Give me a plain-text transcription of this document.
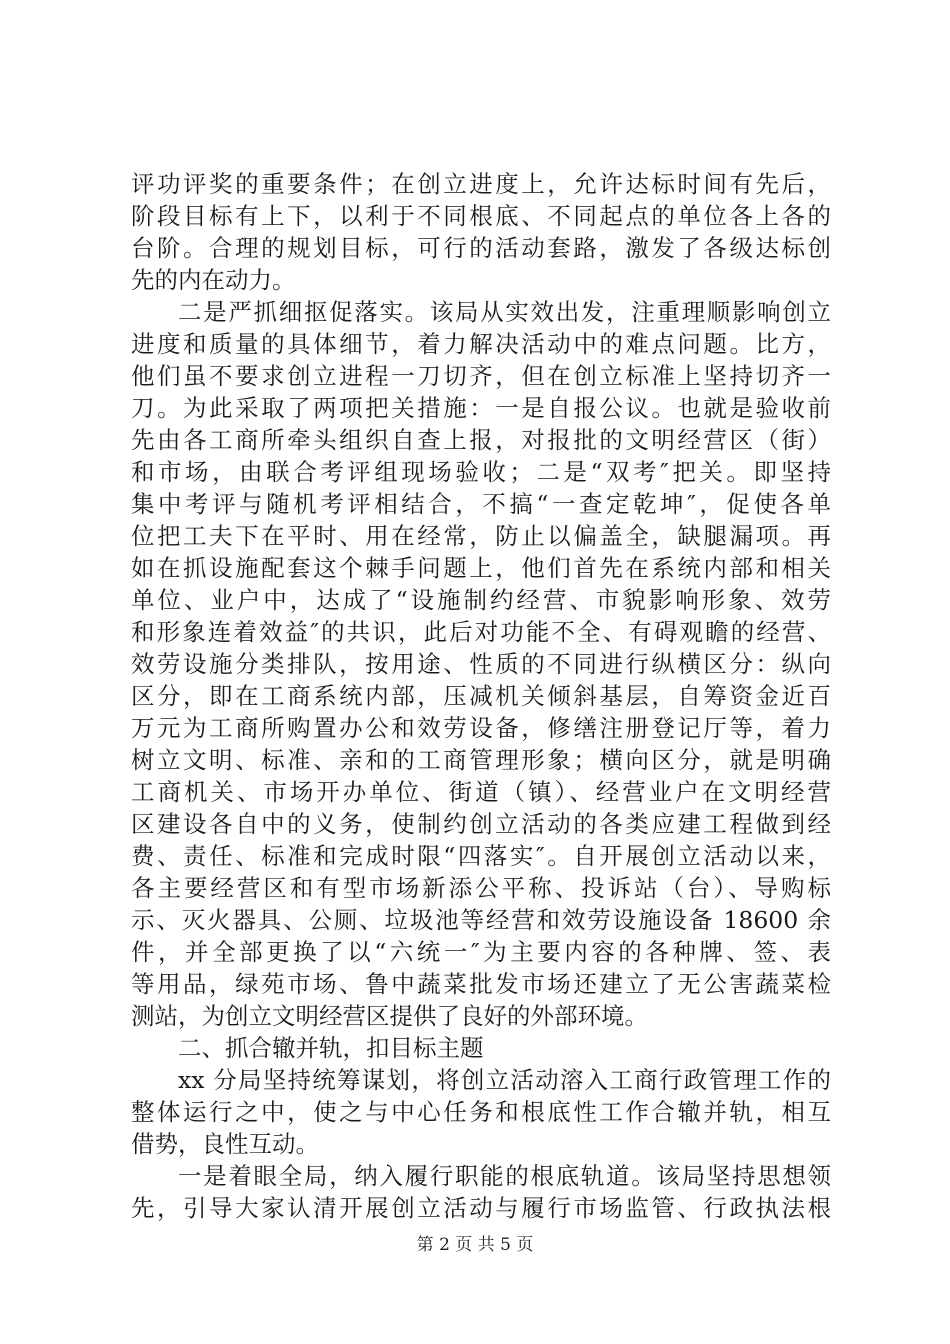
评功评奖的重要条件；在创立进度上，允许达标时间有先后，
阶段目标有上下，以利于不同根底、不同起点的单位各上各的
台阶。合理的规划目标，可行的活动套路，激发了各级达标创
先的内在动力。
二是严抓细抠促落实。该局从实效出发，注重理顺影响创立
进度和质量的具体细节，着力解决活动中的难点问题。比方，
他们虽不要求创立进程一刀切齐，但在创立标准上坚持切齐一
刀。为此采取了两项把关措施：一是自报公议。也就是验收前
先由各工商所牵头组织自查上报，对报批的文明经营区（街）
和市场，由联合考评组现场验收；二是“双考″把关。即坚持
集中考评与随机考评相结合，不搞“一查定乾坤″，促使各单
位把工夫下在平时、用在经常，防止以偏盖全，缺腿漏项。再
如在抓设施配套这个棘手问题上，他们首先在系统内部和相关
单位、业户中，达成了“设施制约经营、市貌影响形象、效劳
和形象连着效益″的共识，此后对功能不全、有碍观瞻的经营、
效劳设施分类排队，按用途、性质的不同进行纵横区分：纵向
区分，即在工商系统内部，压减机关倾斜基层，自筹资金近百
万元为工商所购置办公和效劳设备，修缮注册登记厅等，着力
树立文明、标准、亲和的工商管理形象；横向区分，就是明确
工商机关、市场开办单位、街道（镇）、经营业户在文明经营
区建设各自中的义务，使制约创立活动的各类应建工程做到经
费、责任、标准和完成时限“四落实″。自开展创立活动以来，
各主要经营区和有型市场新添公平称、投诉站（台）、导购标
示、灭火器具、公厕、垃圾池等经营和效劳设施设备 18600 余
件，并全部更换了以“六统一″为主要内容的各种牌、签、表
等用品，绿苑市场、鲁中蔬菜批发市场还建立了无公害蔬菜检
测站，为创立文明经营区提供了良好的外部环境。
二、抓合辙并轨，扣目标主题
xx 分局坚持统筹谋划，将创立活动溶入工商行政管理工作的
整体运行之中，使之与中心任务和根底性工作合辙并轨，相互
借势，良性互动。
一是着眼全局，纳入履行职能的根底轨道。该局坚持思想领
先，引导大家认清开展创立活动与履行市场监管、行政执法根
第 2 页 共 5 页
